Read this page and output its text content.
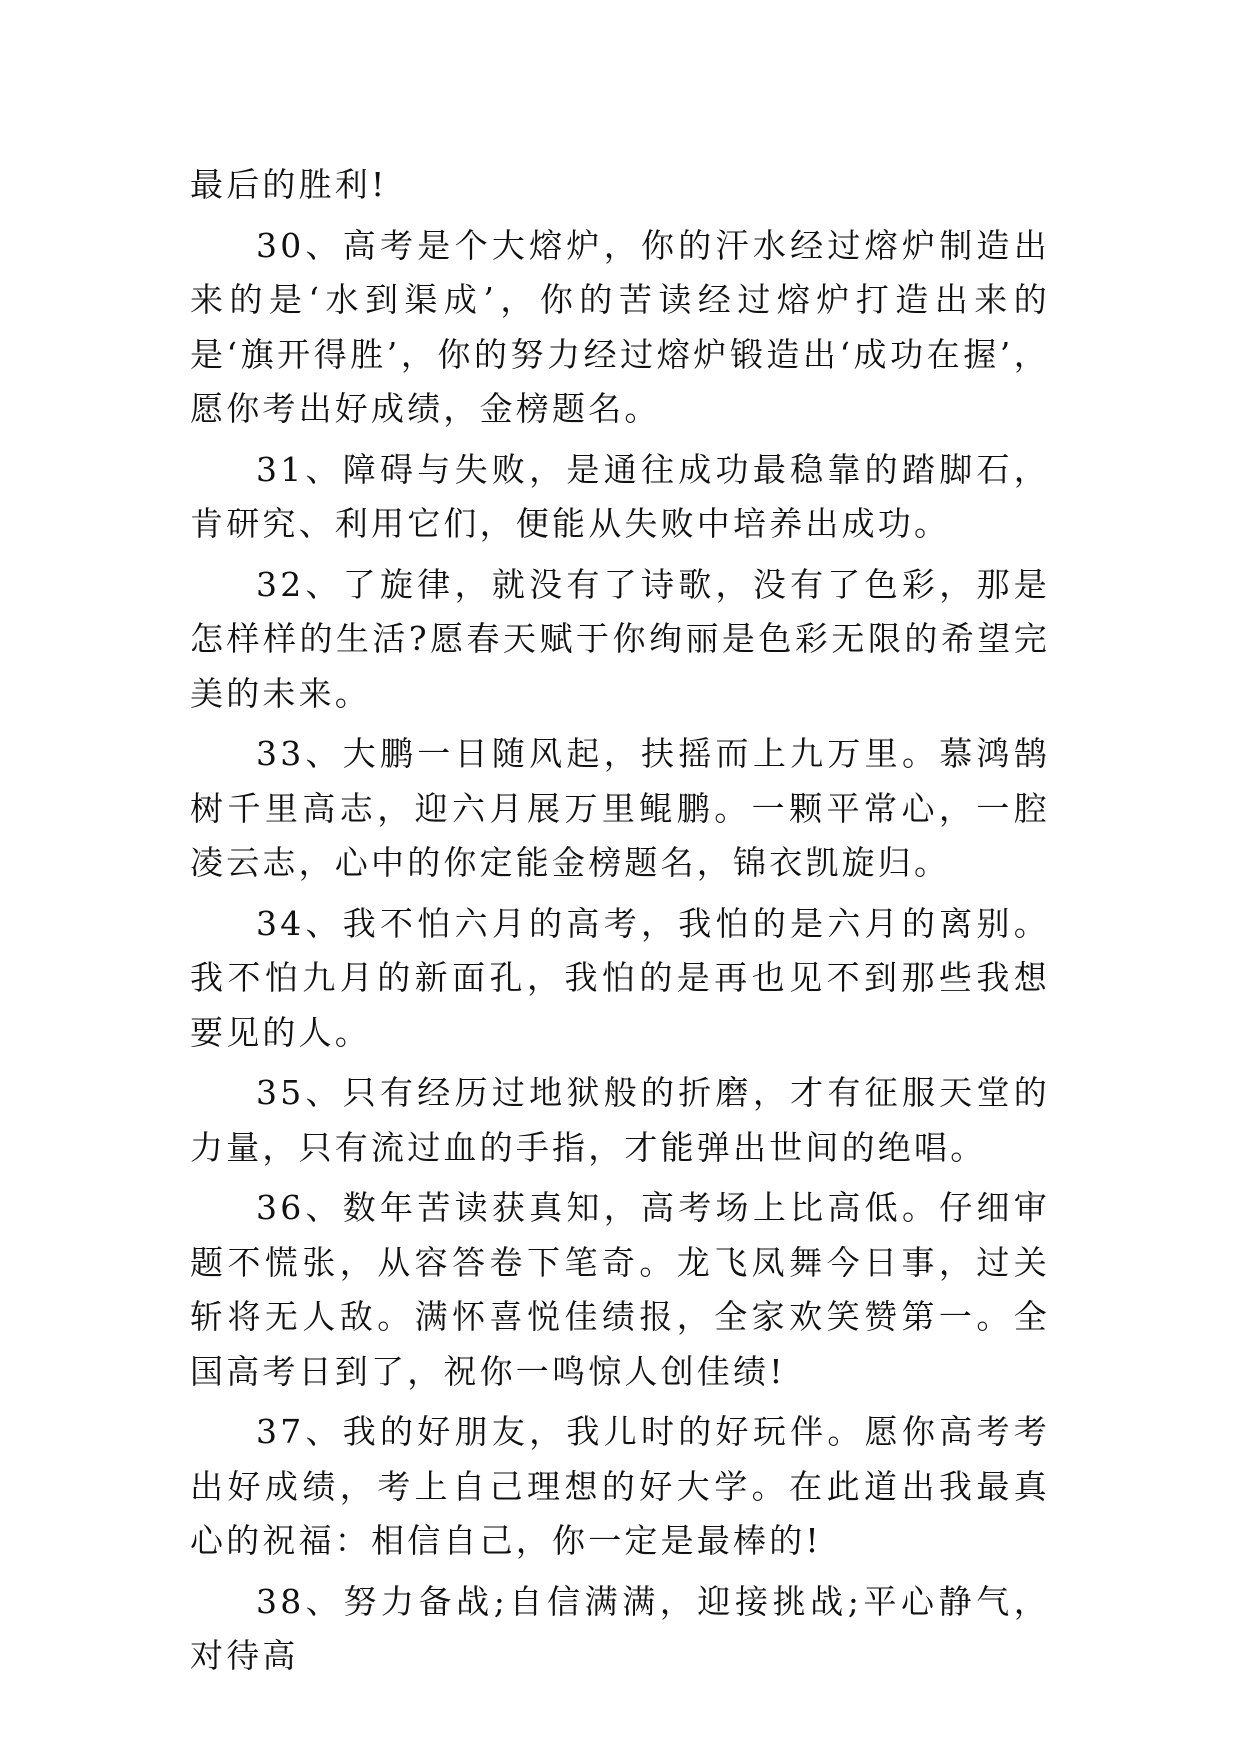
最后的胜利!

30、高考是个大熔炉，你的汗水经过熔炉制造出来的是‘水到渠成’，你的苦读经过熔炉打造出来的是‘旗开得胜’，你的努力经过熔炉锻造出‘成功在握’，愿你考出好成绩，金榜题名。

31、障碍与失败，是通往成功最稳靠的踏脚石，肯研究、利用它们，便能从失败中培养出成功。

32、了旋律，就没有了诗歌，没有了色彩，那是怎样样的生活?愿春天赋于你绚丽是色彩无限的希望完美的未来。

33、大鹏一日随风起，扶摇而上九万里。慕鸿鹄树千里高志，迎六月展万里鲲鹏。一颗平常心，一腔凌云志，心中的你定能金榜题名，锦衣凯旋归。

34、我不怕六月的高考，我怕的是六月的离别。我不怕九月的新面孔，我怕的是再也见不到那些我想要见的人。

35、只有经历过地狱般的折磨，才有征服天堂的力量，只有流过血的手指，才能弹出世间的绝唱。

36、数年苦读获真知，高考场上比高低。仔细审题不慌张，从容答卷下笔奇。龙飞凤舞今日事，过关斩将无人敌。满怀喜悦佳绩报，全家欢笑赞第一。全国高考日到了，祝你一鸣惊人创佳绩!

37、我的好朋友，我儿时的好玩伴。愿你高考考出好成绩，考上自己理想的好大学。在此道出我最真心的祝福：相信自己，你一定是最棒的!

38、努力备战;自信满满，迎接挑战;平心静气，对待高
